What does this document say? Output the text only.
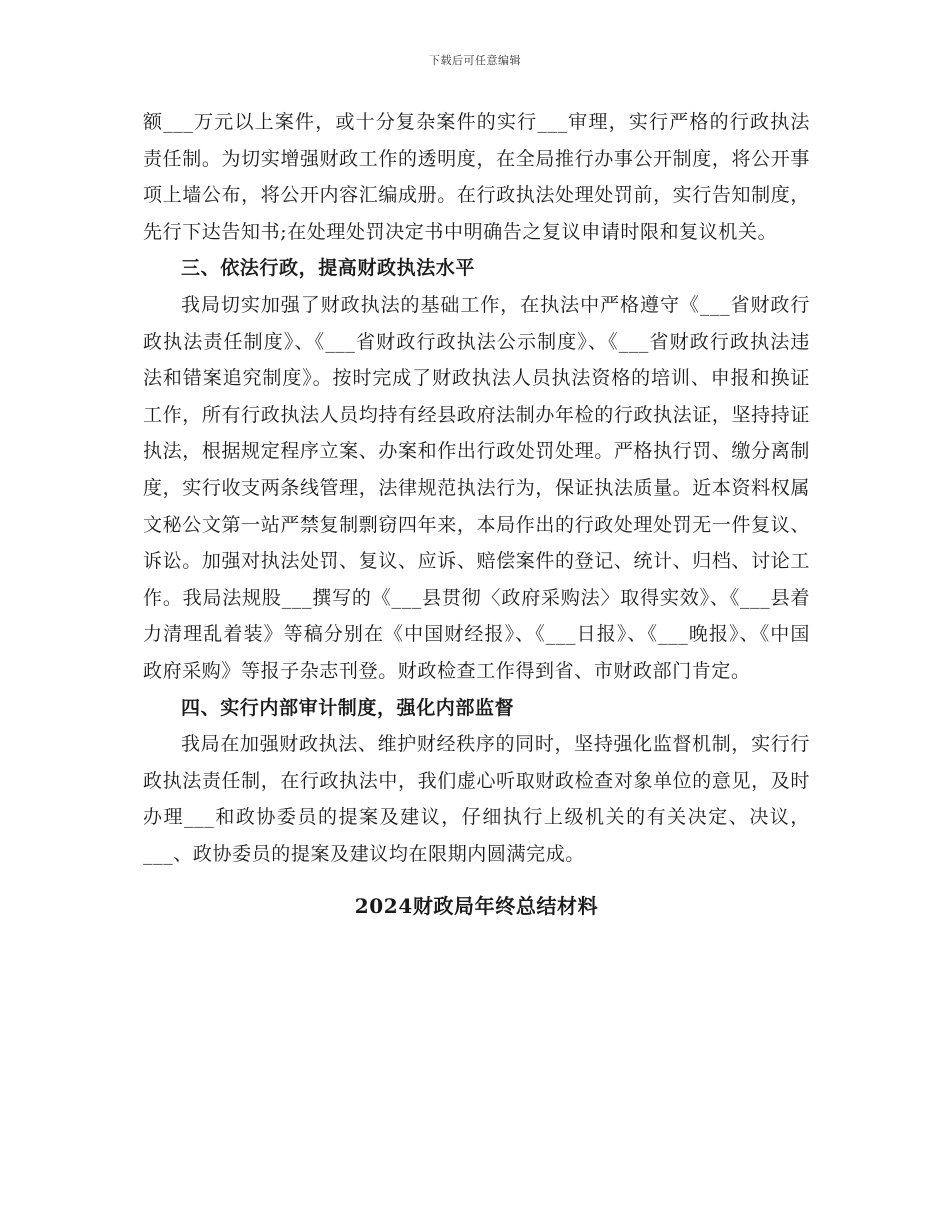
下载后可任意编辑

额___万元以上案件，或十分复杂案件的实行___审理，实行严格的行政执法责任制。为切实增强财政工作的透明度，在全局推行办事公开制度，将公开事项上墙公布，将公开内容汇编成册。在行政执法处理处罚前，实行告知制度，先行下达告知书;在处理处罚决定书中明确告之复议申请时限和复议机关。

三、依法行政，提高财政执法水平

我局切实加强了财政执法的基础工作，在执法中严格遵守《___省财政行政执法责任制度》、《___省财政行政执法公示制度》、《___省财政行政执法违法和错案追究制度》。按时完成了财政执法人员执法资格的培训、申报和换证工作，所有行政执法人员均持有经县政府法制办年检的行政执法证，坚持持证执法，根据规定程序立案、办案和作出行政处罚处理。严格执行罚、缴分离制度，实行收支两条线管理，法律规范执法行为，保证执法质量。近本资料权属文秘公文第一站严禁复制剽窃四年来，本局作出的行政处理处罚无一件复议、诉讼。加强对执法处罚、复议、应诉、赔偿案件的登记、统计、归档、讨论工作。我局法规股___撰写的《___县贯彻〈政府采购法〉取得实效》、《___县着力清理乱着装》等稿分别在《中国财经报》、《___日报》、《___晚报》、《中国政府采购》等报子杂志刊登。财政检查工作得到省、市财政部门肯定。

四、实行内部审计制度，强化内部监督

我局在加强财政执法、维护财经秩序的同时，坚持强化监督机制，实行行政执法责任制，在行政执法中，我们虚心听取财政检查对象单位的意见，及时办理___和政协委员的提案及建议，仔细执行上级机关的有关决定、决议，___、政协委员的提案及建议均在限期内圆满完成。

2024财政局年终总结材料
